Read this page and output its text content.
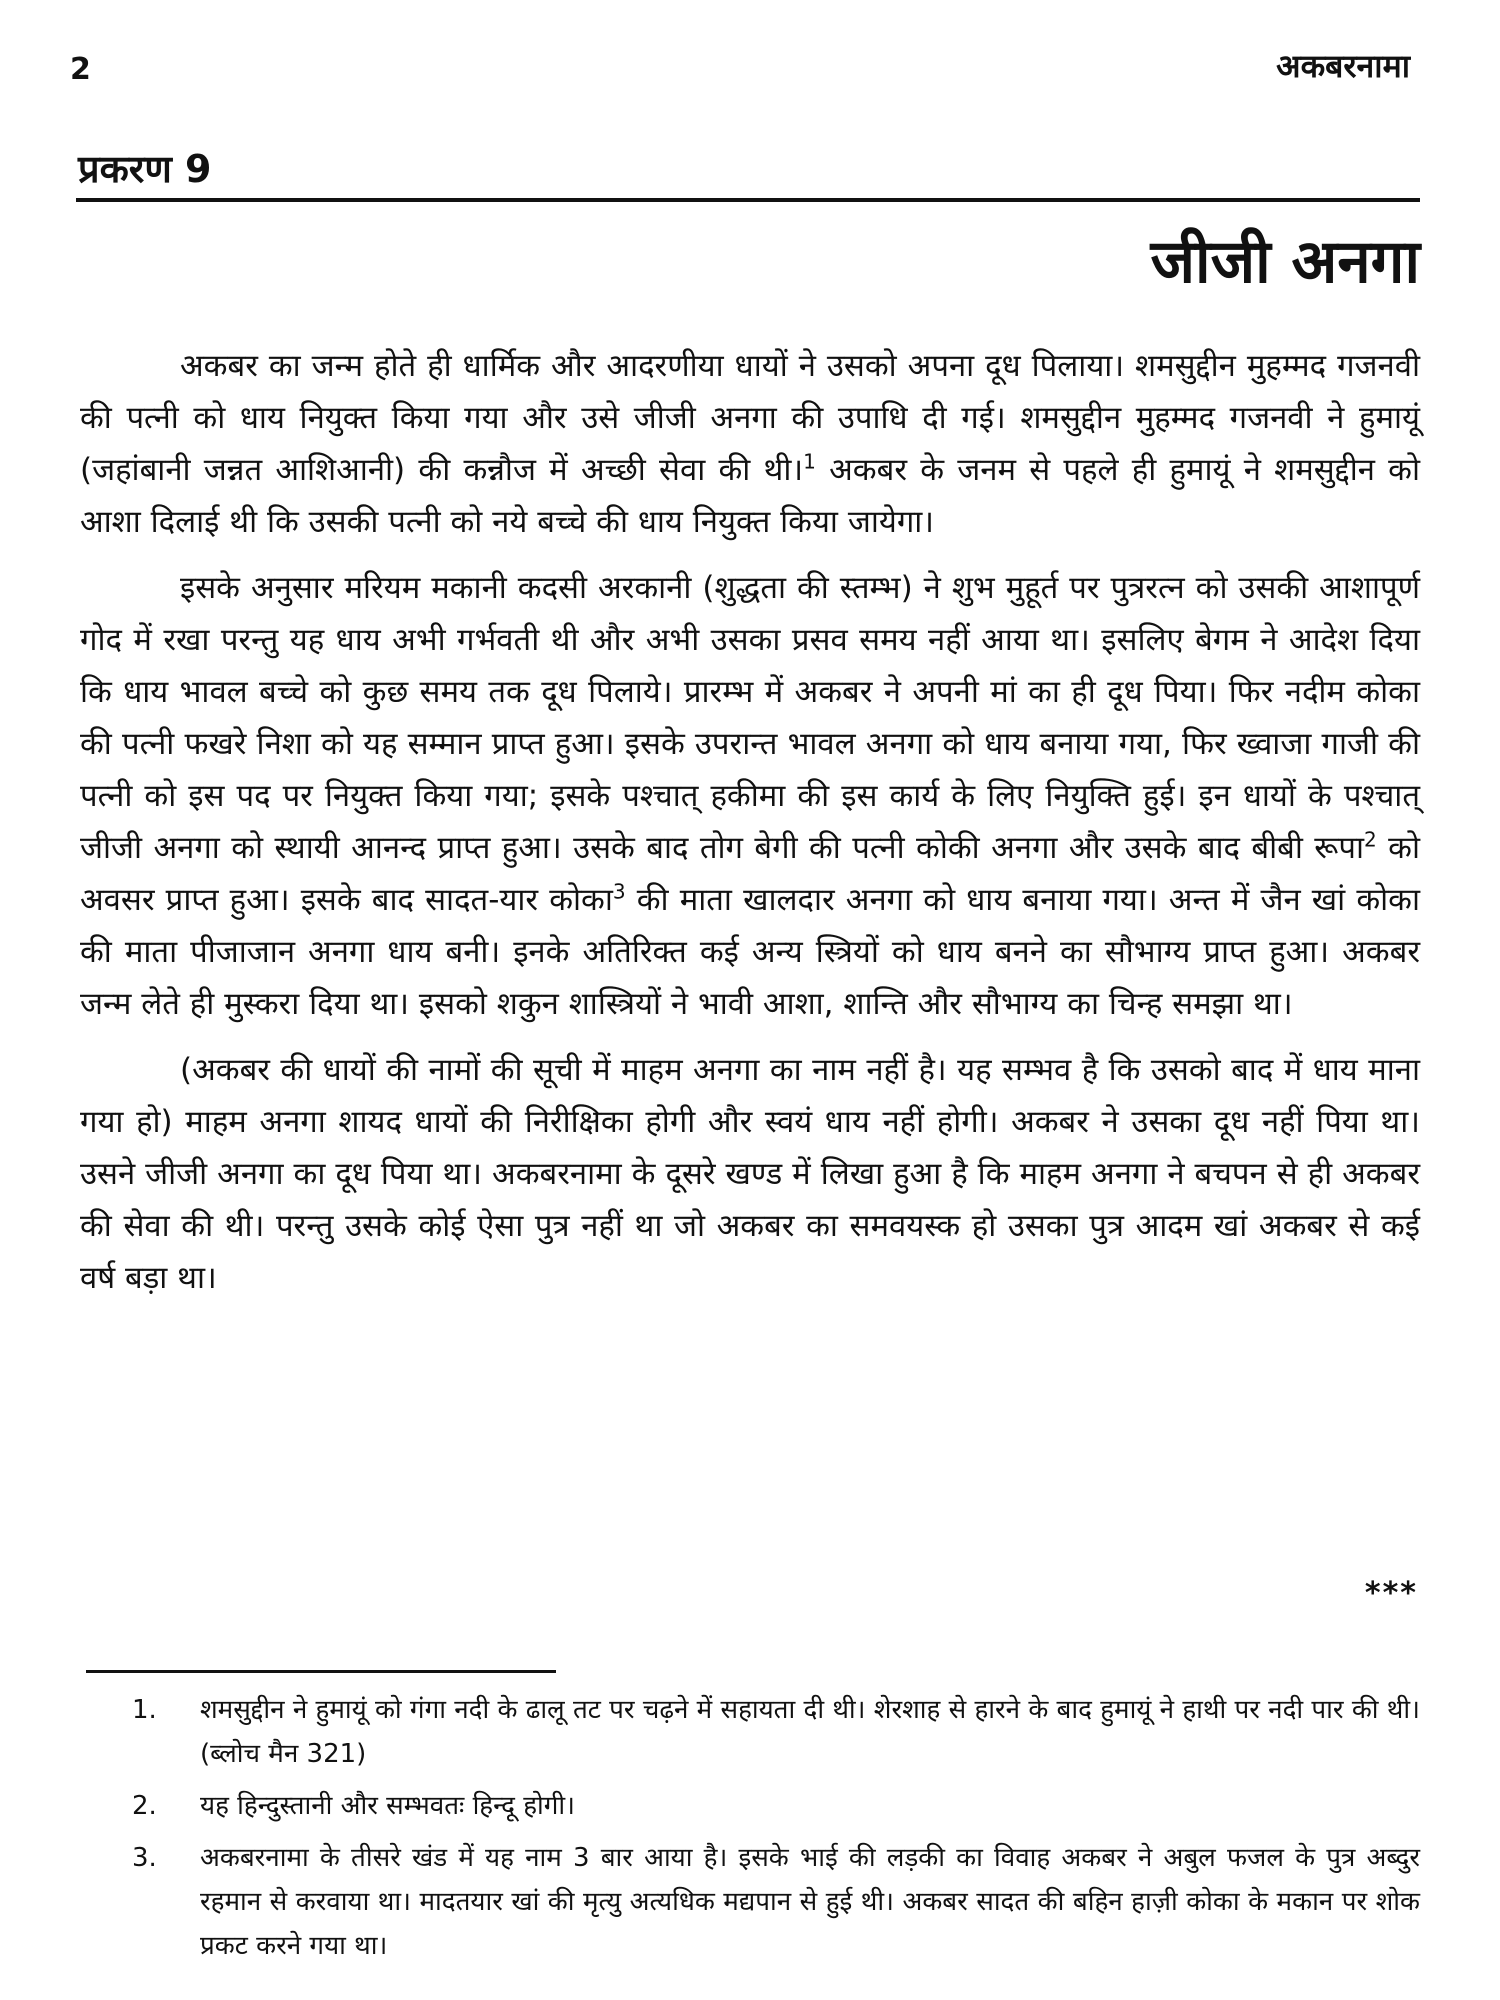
2	अकबरनामा
प्रकरण 9
जीजी अनगा

अकबर का जन्म होते ही धार्मिक और आदरणीया धायों ने उसको अपना दूध पिलाया। शमसुद्दीन मुहम्मद गजनवी की पत्नी को धाय नियुक्त किया गया और उसे जीजी अनगा की उपाधि दी गई। शमसुद्दीन मुहम्मद गजनवी ने हुमायूं (जहांबानी जन्नत आशिआनी) की कन्नौज में अच्छी सेवा की थी।$^1$ अकबर के जनम से पहले ही हुमायूं ने शमसुद्दीन को आशा दिलाई थी कि उसकी पत्नी को नये बच्चे की धाय नियुक्त किया जायेगा।

इसके अनुसार मरियम मकानी कदसी अरकानी (शुद्धता की स्तम्भ) ने शुभ मुहूर्त पर पुत्ररत्न को उसकी आशापूर्ण गोद में रखा परन्तु यह धाय अभी गर्भवती थी और अभी उसका प्रसव समय नहीं आया था। इसलिए बेगम ने आदेश दिया कि धाय भावल बच्चे को कुछ समय तक दूध पिलाये। प्रारम्भ में अकबर ने अपनी मां का ही दूध पिया। फिर नदीम कोका की पत्नी फखरे निशा को यह सम्मान प्राप्त हुआ। इसके उपरान्त भावल अनगा को धाय बनाया गया, फिर ख्वाजा गाजी की पत्नी को इस पद पर नियुक्त किया गया; इसके पश्चात् हकीमा की इस कार्य के लिए नियुक्ति हुई। इन धायों के पश्चात् जीजी अनगा को स्थायी आनन्द प्राप्त हुआ। उसके बाद तोग बेगी की पत्नी कोकी अनगा और उसके बाद बीबी रूपा$^2$ को अवसर प्राप्त हुआ। इसके बाद सादत-यार कोका$^3$ की माता खालदार अनगा को धाय बनाया गया। अन्त में जैन खां कोका की माता पीजाजान अनगा धाय बनी। इनके अतिरिक्त कई अन्य स्त्रियों को धाय बनने का सौभाग्य प्राप्त हुआ। अकबर जन्म लेते ही मुस्करा दिया था। इसको शकुन शास्त्रियों ने भावी आशा, शान्ति और सौभाग्य का चिन्ह समझा था।

(अकबर की धायों की नामों की सूची में माहम अनगा का नाम नहीं है। यह सम्भव है कि उसको बाद में धाय माना गया हो) माहम अनगा शायद धायों की निरीक्षिका होगी और स्वयं धाय नहीं होगी। अकबर ने उसका दूध नहीं पिया था। उसने जीजी अनगा का दूध पिया था। अकबरनामा के दूसरे खण्ड में लिखा हुआ है कि माहम अनगा ने बचपन से ही अकबर की सेवा की थी। परन्तु उसके कोई ऐसा पुत्र नहीं था जो अकबर का समवयस्क हो उसका पुत्र आदम खां अकबर से कई वर्ष बड़ा था।

***
1.	शमसुद्दीन ने हुमायूं को गंगा नदी के ढालू तट पर चढ़ने में सहायता दी थी। शेरशाह से हारने के बाद हुमायूं ने हाथी पर नदी पार की थी। (ब्लोच मैन 321)
2.	यह हिन्दुस्तानी और सम्भवतः हिन्दू होगी।
3.	अकबरनामा के तीसरे खंड में यह नाम 3 बार आया है। इसके भाई की लड़की का विवाह अकबर ने अबुल फजल के पुत्र अब्दुर रहमान से करवाया था। मादतयार खां की मृत्यु अत्यधिक मद्यपान से हुई थी। अकबर सादत की बहिन हाज़ी कोका के मकान पर शोक प्रकट करने गया था।
